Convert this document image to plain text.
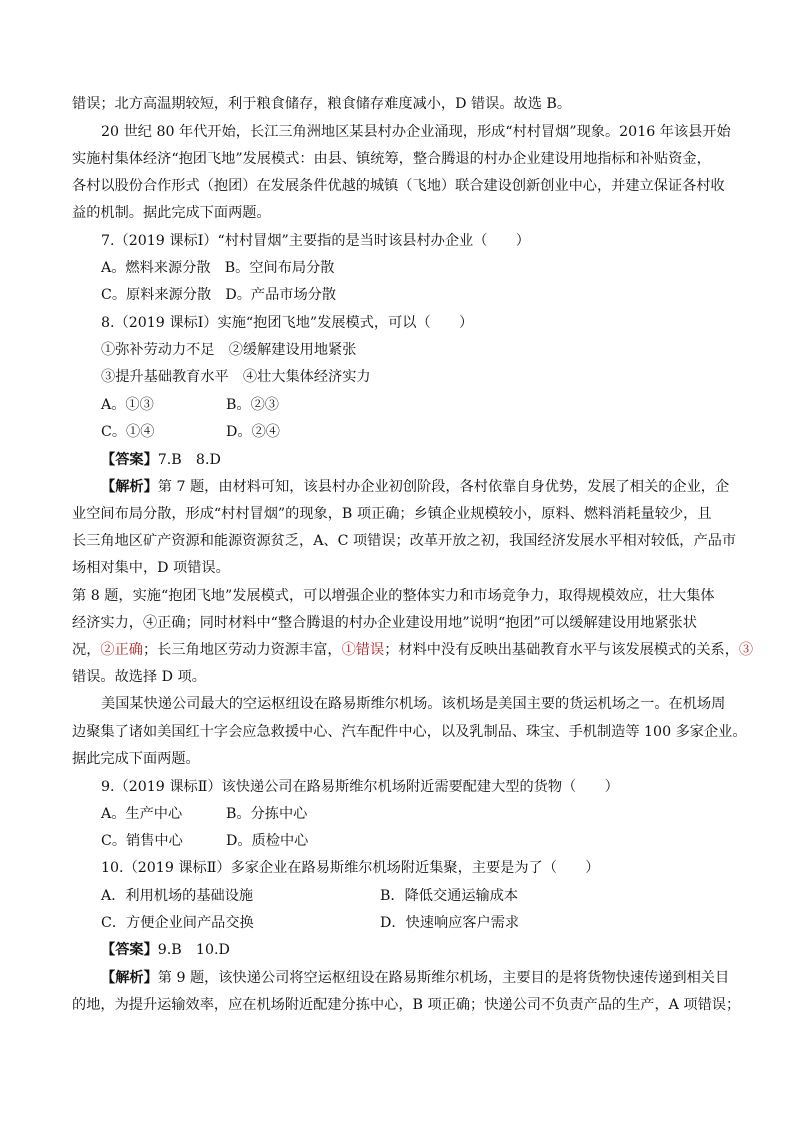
错误；北方高温期较短，利于粮食储存，粮食储存难度减小，D 错误。故选 B。
20 世纪 80 年代开始，长江三角洲地区某县村办企业涌现，形成“村村冒烟”现象。2016 年该县开始
实施村集体经济“抱团飞地”发展模式：由县、镇统筹，整合腾退的村办企业建设用地指标和补贴资金，
各村以股份合作形式（抱团）在发展条件优越的城镇（飞地）联合建设创新创业中心，并建立保证各村收
益的机制。据此完成下面两题。
7.（2019 课标Ⅰ）“村村冒烟”主要指的是当时该县村办企业（　　）
A。燃料来源分散　B。空间布局分散
C。原料来源分散　D。产品市场分散
8.（2019 课标Ⅰ）实施“抱团飞地”发展模式，可以（　　）
①弥补劳动力不足　②缓解建设用地紧张
③提升基础教育水平　④壮大集体经济实力
A。①③	B。②③
C。①④	D。②④
【答案】7.B　8.D
【解析】第 7 题，由材料可知，该县村办企业初创阶段，各村依靠自身优势，发展了相关的企业，企
业空间布局分散，形成“村村冒烟”的现象，B 项正确；乡镇企业规模较小，原料、燃料消耗量较少，且
长三角地区矿产资源和能源资源贫乏，A、C 项错误；改革开放之初，我国经济发展水平相对较低，产品市
场相对集中，D 项错误。
第 8 题，实施“抱团飞地”发展模式，可以增强企业的整体实力和市场竞争力，取得规模效应，壮大集体
经济实力，④正确；同时材料中“整合腾退的村办企业建设用地”说明“抱团”可以缓解建设用地紧张状
况，②正确；长三角地区劳动力资源丰富，①错误；材料中没有反映出基础教育水平与该发展模式的关系，③
错误。故选择 D 项。
美国某快递公司最大的空运枢纽设在路易斯维尔机场。该机场是美国主要的货运机场之一。在机场周
边聚集了诸如美国红十字会应急救援中心、汽车配件中心，以及乳制品、珠宝、手机制造等 100 多家企业。
据此完成下面两题。
9.（2019 课标Ⅱ）该快递公司在路易斯维尔机场附近需要配建大型的货物（　　）
A。生产中心	B。分拣中心
C。销售中心	D。质检中心
10.（2019 课标Ⅱ）多家企业在路易斯维尔机场附近集聚，主要是为了（　　）
A．利用机场的基础设施	B．降低交通运输成本
C．方便企业间产品交换	D．快速响应客户需求
【答案】9.B　10.D
【解析】第 9 题，该快递公司将空运枢纽设在路易斯维尔机场，主要目的是将货物快速传递到相关目
的地，为提升运输效率，应在机场附近配建分拣中心，B 项正确；快递公司不负责产品的生产，A 项错误；
